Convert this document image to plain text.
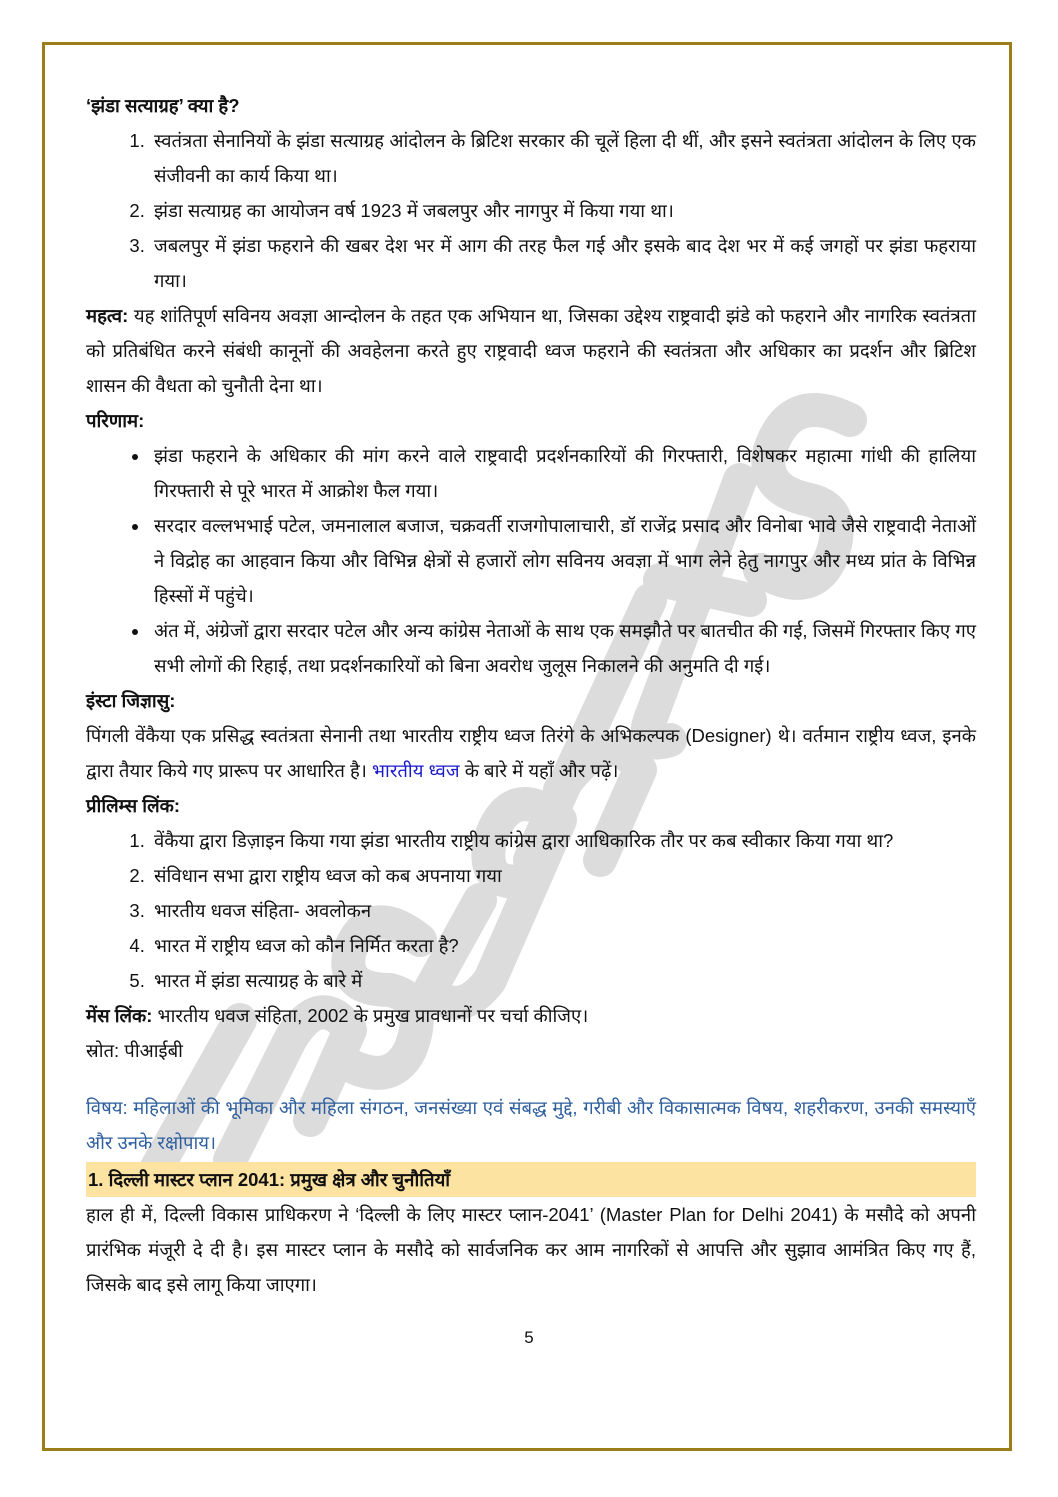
‘झंडा सत्याग्रह’ क्या है?

1. स्वतंत्रता सेनानियों के झंडा सत्याग्रह आंदोलन के ब्रिटिश सरकार की चूलें हिला दी थीं, और इसने स्वतंत्रता आंदोलन के लिए एक संजीवनी का कार्य किया था।
2. झंडा सत्याग्रह का आयोजन वर्ष 1923 में जबलपुर और नागपुर में किया गया था।
3. जबलपुर में झंडा फहराने की खबर देश भर में आग की तरह फैल गई और इसके बाद देश भर में कई जगहों पर झंडा फहराया गया।

महत्व: यह शांतिपूर्ण सविनय अवज्ञा आन्दोलन के तहत एक अभियान था, जिसका उद्देश्य राष्ट्रवादी झंडे को फहराने और नागरिक स्वतंत्रता को प्रतिबंधित करने संबंधी कानूनों की अवहेलना करते हुए राष्ट्रवादी ध्वज फहराने की स्वतंत्रता और अधिकार का प्रदर्शन और ब्रिटिश शासन की वैधता को चुनौती देना था।

परिणाम:

• झंडा फहराने के अधिकार की मांग करने वाले राष्ट्रवादी प्रदर्शनकारियों की गिरफ्तारी, विशेषकर महात्मा गांधी की हालिया गिरफ्तारी से पूरे भारत में आक्रोश फैल गया।
• सरदार वल्लभभाई पटेल, जमनालाल बजाज, चक्रवर्ती राजगोपालाचारी, डॉ राजेंद्र प्रसाद और विनोबा भावे जैसे राष्ट्रवादी नेताओं ने विद्रोह का आहवान किया और विभिन्न क्षेत्रों से हजारों लोग सविनय अवज्ञा में भाग लेने हेतु नागपुर और मध्य प्रांत के विभिन्न हिस्सों में पहुंचे।
• अंत में, अंग्रेजों द्वारा सरदार पटेल और अन्य कांग्रेस नेताओं के साथ एक समझौते पर बातचीत की गई, जिसमें गिरफ्तार किए गए सभी लोगों की रिहाई, तथा प्रदर्शनकारियों को बिना अवरोध जुलूस निकालने की अनुमति दी गई।

इंस्टा जिज्ञासु:

पिंगली वेंकैया एक प्रसिद्ध स्वतंत्रता सेनानी तथा भारतीय राष्ट्रीय ध्वज तिरंगे के अभिकल्पक (Designer) थे। वर्तमान राष्ट्रीय ध्वज, इनके द्वारा तैयार किये गए प्रारूप पर आधारित है। भारतीय ध्वज के बारे में यहाँ और पढ़ें।

प्रीलिम्स लिंक:

1. वेंकैया द्वारा डिज़ाइन किया गया झंडा भारतीय राष्ट्रीय कांग्रेस द्वारा आधिकारिक तौर पर कब स्वीकार किया गया था?
2. संविधान सभा द्वारा राष्ट्रीय ध्वज को कब अपनाया गया
3. भारतीय धवज संहिता- अवलोकन
4. भारत में राष्ट्रीय ध्वज को कौन निर्मित करता है?
5. भारत में झंडा सत्याग्रह के बारे में

मेंस लिंक: भारतीय धवज संहिता, 2002 के प्रमुख प्रावधानों पर चर्चा कीजिए।

स्रोत: पीआईबी

विषय: महिलाओं की भूमिका और महिला संगठन, जनसंख्या एवं संबद्ध मुद्दे, गरीबी और विकासात्मक विषय, शहरीकरण, उनकी समस्याएँ और उनके रक्षोपाय।

1. दिल्ली मास्टर प्लान 2041: प्रमुख क्षेत्र और चुनौतियाँ

हाल ही में, दिल्ली विकास प्राधिकरण ने ‘दिल्ली के लिए मास्टर प्लान-2041’ (Master Plan for Delhi 2041) के मसौदे को अपनी प्रारंभिक मंजूरी दे दी है। इस मास्टर प्लान के मसौदे को सार्वजनिक कर आम नागरिकों से आपत्ति और सुझाव आमंत्रित किए गए हैं, जिसके बाद इसे लागू किया जाएगा।

5
